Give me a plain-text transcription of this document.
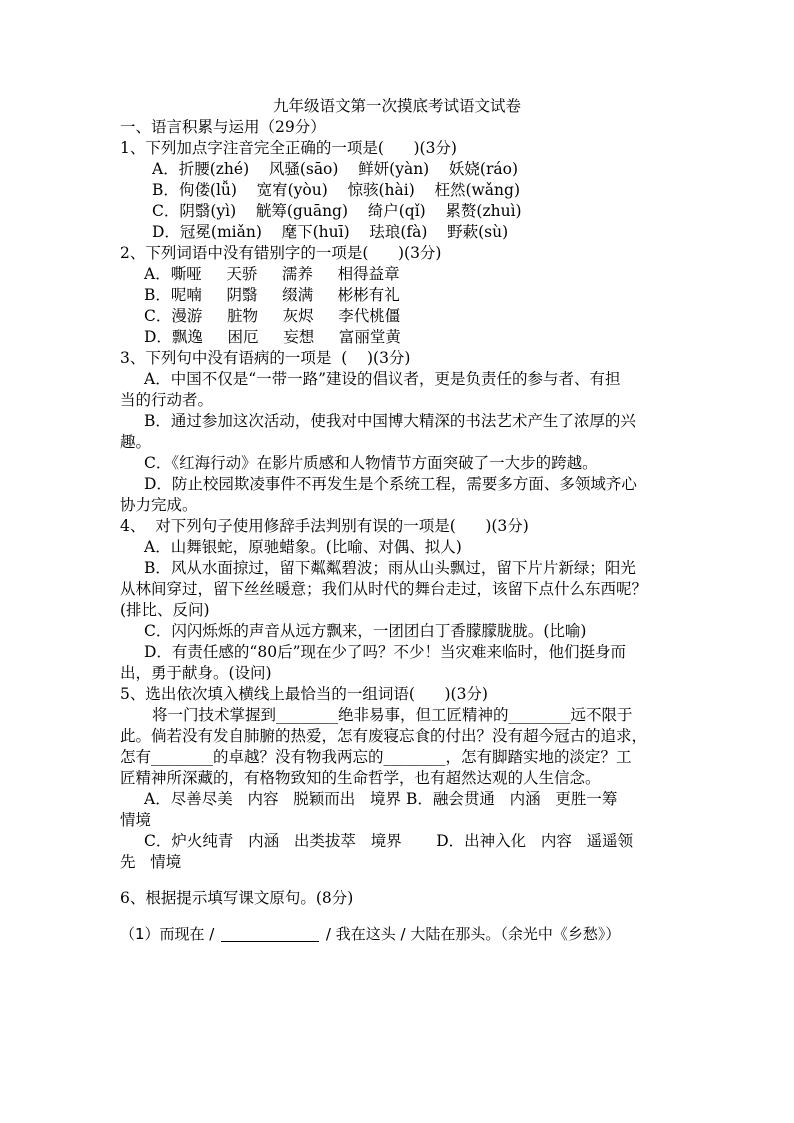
九年级语文第一次摸底考试语文试卷
一、语言积累与运用（29分）
1、下列加点字注音完全正确的一项是(      )(3分)
A．折腰(zhé)    风骚(sāo)    鲜妍(yàn)    妖娆(ráo)
B．佝偻(lǚ)    宽宥(yòu)    惊骇(hài)    枉然(wǎng)
C．阴翳(yì)    觥筹(guāng)    绮户(qǐ)    累赘(zhuì)
D．冠冕(miǎn)    麾下(huī)    珐琅(fà)    野蔌(sù)
2、下列词语中没有错别字的一项是(      )(3分)
A．嘶哑     天骄     濡养     相得益章
B．呢喃     阴翳     缀满     彬彬有礼
C．漫游     脏物     灰烬     李代桃僵
D．飘逸     困厄     妄想     富丽堂黄
3、下列句中没有语病的一项是  (    )(3分)
A．中国不仅是“一带一路”建设的倡议者，更是负责任的参与者、有担
当的行动者。
B．通过参加这次活动，使我对中国博大精深的书法艺术产生了浓厚的兴
趣。
C．《红海行动》在影片质感和人物情节方面突破了一大步的跨越。
D．防止校园欺凌事件不再发生是个系统工程，需要多方面、多领域齐心
协力完成。
4、  对下列句子使用修辞手法判别有误的一项是(      )(3分)
A．山舞银蛇，原驰蜡象。(比喻、对偶、拟人)
B．风从水面掠过，留下粼粼碧波；雨从山头飘过，留下片片新绿；阳光
从林间穿过，留下丝丝暖意；我们从时代的舞台走过，该留下点什么东西呢？
(排比、反问)
C．闪闪烁烁的声音从远方飘来，一团团白丁香朦朦胧胧。(比喻)
D．有责任感的“80后”现在少了吗？不少！当灾难来临时，他们挺身而
出，勇于献身。(设问)
5、选出依次填入横线上最恰当的一组词语(      )(3分)
将一门技术掌握到________绝非易事，但工匠精神的________远不限于
此。倘若没有发自肺腑的热爱，怎有废寝忘食的付出？没有超今冠古的追求，
怎有________的卓越？没有物我两忘的________，怎有脚踏实地的淡定？工
匠精神所深藏的，有格物致知的生命哲学，也有超然达观的人生信念。
A．尽善尽美   内容   脱颖而出   境界 B．融会贯通   内涵   更胜一筹
情境
C．炉火纯青   内涵   出类拔萃   境界       D．出神入化   内容   遥遥领
先   情境
6、根据提示填写课文原句。(8分)
（1）而现在 /	/ 我在这头 / 大陆在那头。（余光中《乡愁》）
